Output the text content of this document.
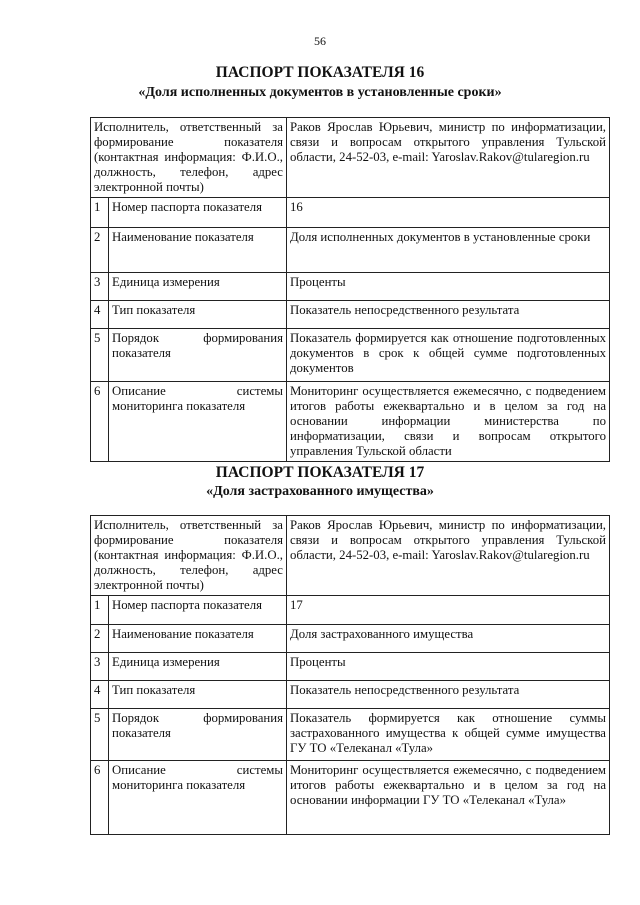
56
ПАСПОРТ ПОКАЗАТЕЛЯ 16
«Доля исполненных документов в установленные сроки»
Исполнитель, ответственный за формирование показателя (контактная информация: Ф.И.О., должность, телефон, адрес электронной почты)		Раков Ярослав Юрьевич, министр по информатизации, связи и вопросам открытого управления Тульской области, 24-52-03, e-mail: Yaroslav.Rakov@tularegion.ru
1	Номер паспорта показателя	16
2	Наименование показателя	Доля исполненных документов в установленные сроки
3	Единица измерения	Проценты
4	Тип показателя	Показатель непосредственного результата
5	Порядок формирования показателя	Показатель формируется как отношение подготовленных документов в срок к общей сумме подготовленных документов
6	Описание системы мониторинга показателя	Мониторинг осуществляется ежемесячно, с подведением итогов работы ежеквартально и в целом за год на основании информации министерства по информатизации, связи и вопросам открытого управления Тульской области
ПАСПОРТ ПОКАЗАТЕЛЯ 17
«Доля застрахованного имущества»
Исполнитель, ответственный за формирование показателя (контактная информация: Ф.И.О., должность, телефон, адрес электронной почты)		Раков Ярослав Юрьевич, министр по информатизации, связи и вопросам открытого управления Тульской области, 24-52-03, e-mail: Yaroslav.Rakov@tularegion.ru
1	Номер паспорта показателя	17
2	Наименование показателя	Доля застрахованного имущества
3	Единица измерения	Проценты
4	Тип показателя	Показатель непосредственного результата
5	Порядок формирования показателя	Показатель формируется как отношение суммы застрахованного имущества к общей сумме имущества ГУ ТО «Телеканал «Тула»
6	Описание системы мониторинга показателя	Мониторинг осуществляется ежемесячно, с подведением итогов работы ежеквартально и в целом за год на основании информации ГУ ТО «Телеканал «Тула»
